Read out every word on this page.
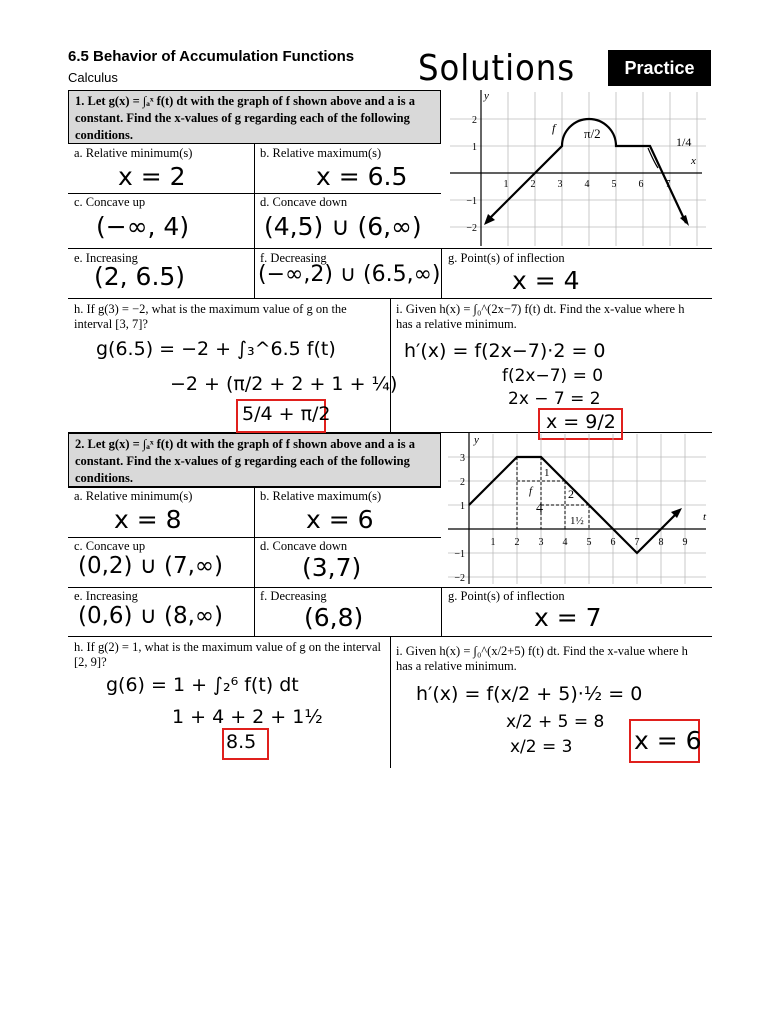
6.5 Behavior of Accumulation Functions
Calculus	Solutions	Practice
1. Let g(x) = ∫ₐˣ f(t) dt with the graph of f shown above and a is a constant. Find the x-values of g regarding each of the following conditions.
a. Relative minimum(s)
x = 2
b. Relative maximum(s)
x = 6.5
c. Concave up
(−∞, 4)
d. Concave down
(4,5) ∪ (6,∞)
e. Increasing
(2, 6.5)
f. Decreasing
(−∞,2) ∪ (6.5,∞)
g. Point(s) of inflection
x = 4
h. If g(3) = −2, what is the maximum value of g on the interval [3, 7]?
g(6.5) = −2 + ∫₃^6.5 f(t)
−2 + (π/2 + 2 + 1 + ¼)
5/4 + π/2
i. Given h(x) = ∫₀^(2x−7) f(t) dt. Find the x-value where h has a relative minimum.
h′(x) = f(2x−7)·2 = 0
f(2x−7) = 0
2x − 7 = 2
x = 9/2
y
x
1 2 3 4 5 6 7
2
1
−1
−2
f π/2
1/4
2. Let g(x) = ∫ₐˣ f(t) dt with the graph of f shown above and a is a constant. Find the x-values of g regarding each of the following conditions.
a. Relative minimum(s)
x = 8
b. Relative maximum(s)
x = 6
c. Concave up
(0,2) ∪ (7,∞)
d. Concave down
(3,7)
e. Increasing
(0,6) ∪ (8,∞)
f. Decreasing
(6,8)
g. Point(s) of inflection
x = 7
h. If g(2) = 1, what is the maximum value of g on the interval [2, 9]?
g(6) = 1 + ∫₂⁶ f(t) dt
1 + 4 + 2 + 1½
8.5
i. Given h(x) = ∫₀^(x/2+5) f(t) dt. Find the x-value where h has a relative minimum.
h′(x) = f(x/2 + 5)·½ = 0
x/2 + 5 = 8
x/2 = 3 x = 6
y
t
1 2 3 4 5 6 7 8 9
3
2
1
−1
−2
f
1
4
2
1½
